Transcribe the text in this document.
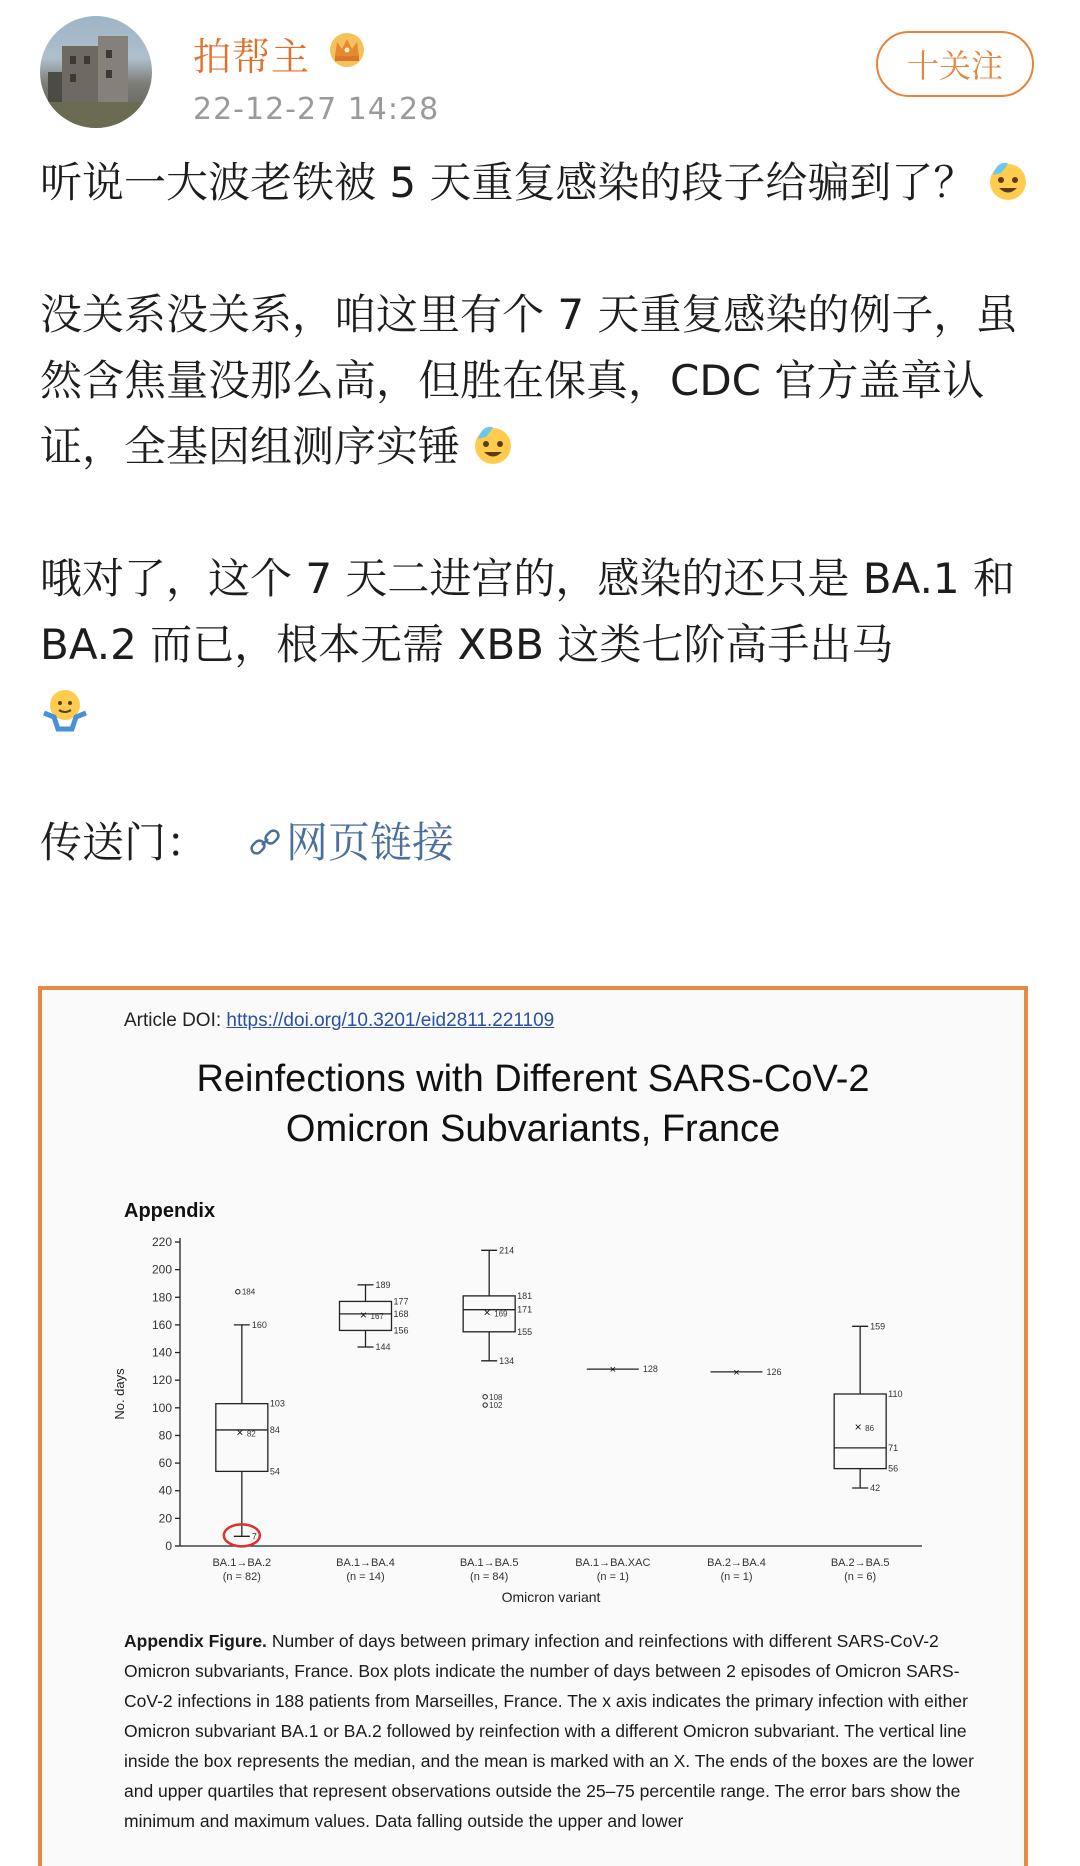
拍帮主
22-12-27 14:28
十关注

听说一大波老铁被 5 天重复感染的段子给骗到了？

没关系没关系，咱这里有个 7 天重复感染的例子，虽然含焦量没那么高，但胜在保真，CDC 官方盖章认证，全基因组测序实锤

哦对了，这个 7 天二进宫的，感染的还只是 BA.1 和 BA.2 而已，根本无需 XBB 这类七阶高手出马

传送门： 网页链接

Article DOI: https://doi.org/10.3201/eid2811.221109
Reinfections with Different SARS-CoV-2
Omicron Subvariants, France
Appendix
0
20
40
60
80
100
120
140
160
180
200
220
No. days
Omicron variant
BA.1→BA.2
(n = 82)
160
7
103
84
54
× 82
184
BA.1→BA.4
(n = 14)
189
144
177
168
156
× 167
BA.1→BA.5
(n = 84)
214
134
181
171
155
× 169
108
102
BA.1→BA.XAC
(n = 1)
×	128
BA.2→BA.4
(n = 1)
×	126
BA.2→BA.5
(n = 6)
159
42
110
71
56
× 86
Appendix Figure. Number of days between primary infection and reinfections with different SARS-CoV-2 Omicron subvariants, France. Box plots indicate the number of days between 2 episodes of Omicron SARS-CoV-2 infections in 188 patients from Marseilles, France. The x axis indicates the primary infection with either Omicron subvariant BA.1 or BA.2 followed by reinfection with a different Omicron subvariant. The vertical line inside the box represents the median, and the mean is marked with an X. The ends of the boxes are the lower and upper quartiles that represent observations outside the 25–75 percentile range. The error bars show the minimum and maximum values. Data falling outside the upper and lower
